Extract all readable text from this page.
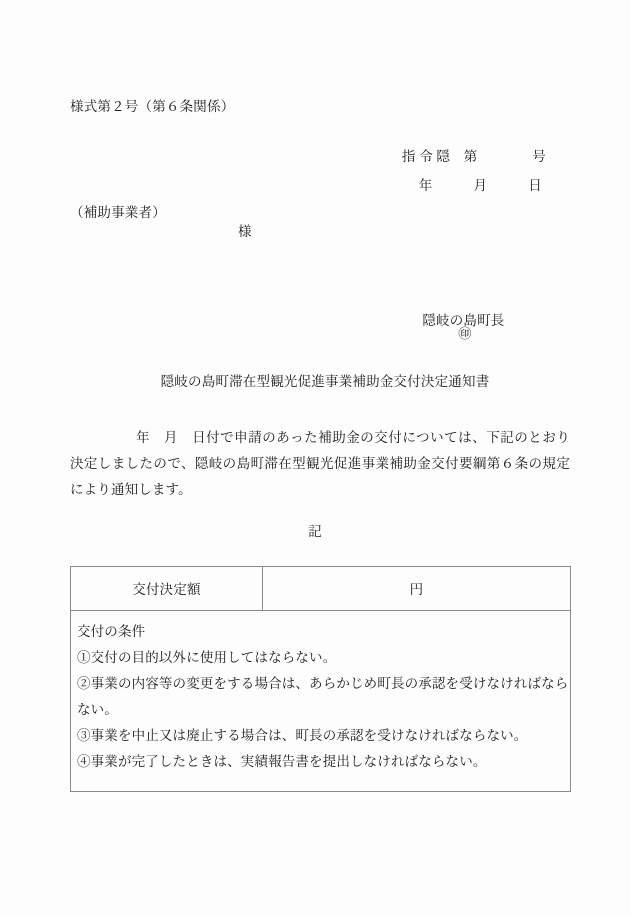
様式第２号（第６条関係）
指 令 隠　第　　　　号
年　　　月　　　日
（補助事業者）
様

隠岐の島町長
㊞

隠岐の島町滞在型観光促進事業補助金交付決定通知書
年　月　日付で申請のあった補助金の交付については、下記のとおり決定しましたので、隠岐の島町滞在型観光促進事業補助金交付要綱第６条の規定により通知します。
記
交付決定額	円

交付の条件
①交付の目的以外に使用してはならない。
②事業の内容等の変更をする場合は、あらかじめ町長の承認を受けなければならない。
③事業を中止又は廃止する場合は、町長の承認を受けなければならない。
④事業が完了したときは、実績報告書を提出しなければならない。
